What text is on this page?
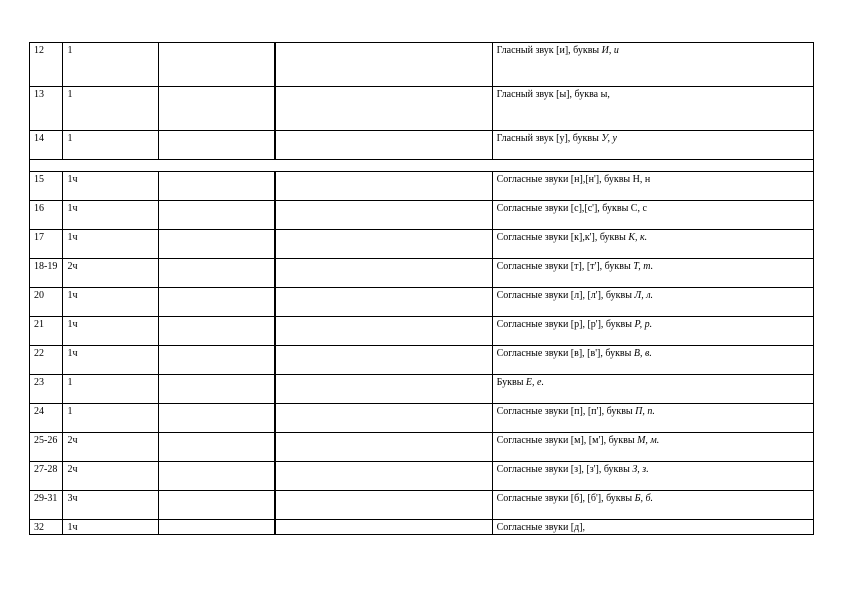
12	1			Гласный звук [и], буквы И, и
13	1			Гласный звук [ы], буква ы,
14	1			Гласный звук [у], буквы У, у

15	1ч			Согласные звуки [н],[н'], буквы Н, н
16	1ч			Согласные звуки [с],[с'], буквы С, с
17	1ч			Согласные звуки [к],к'], буквы К, к.
18-19	2ч			Согласные звуки [т], [т'], буквы Т, т.
20	1ч			Согласные звуки [л], [л'], буквы Л, л.
21	1ч			Согласные звуки [р], [р'], буквы Р, р.
22	1ч			Согласные звуки [в], [в'], буквы В, в.
23	1			Буквы Е, е.
24	1			Согласные звуки [п], [п'], буквы П, п.
25-26	2ч			Согласные звуки [м], [м'], буквы М, м.
27-28	2ч			Согласные звуки [з], [з'], буквы З, з.
29-31	3ч			Согласные звуки [б], [б'], буквы Б, б.
32	1ч			Согласные звуки [д],
